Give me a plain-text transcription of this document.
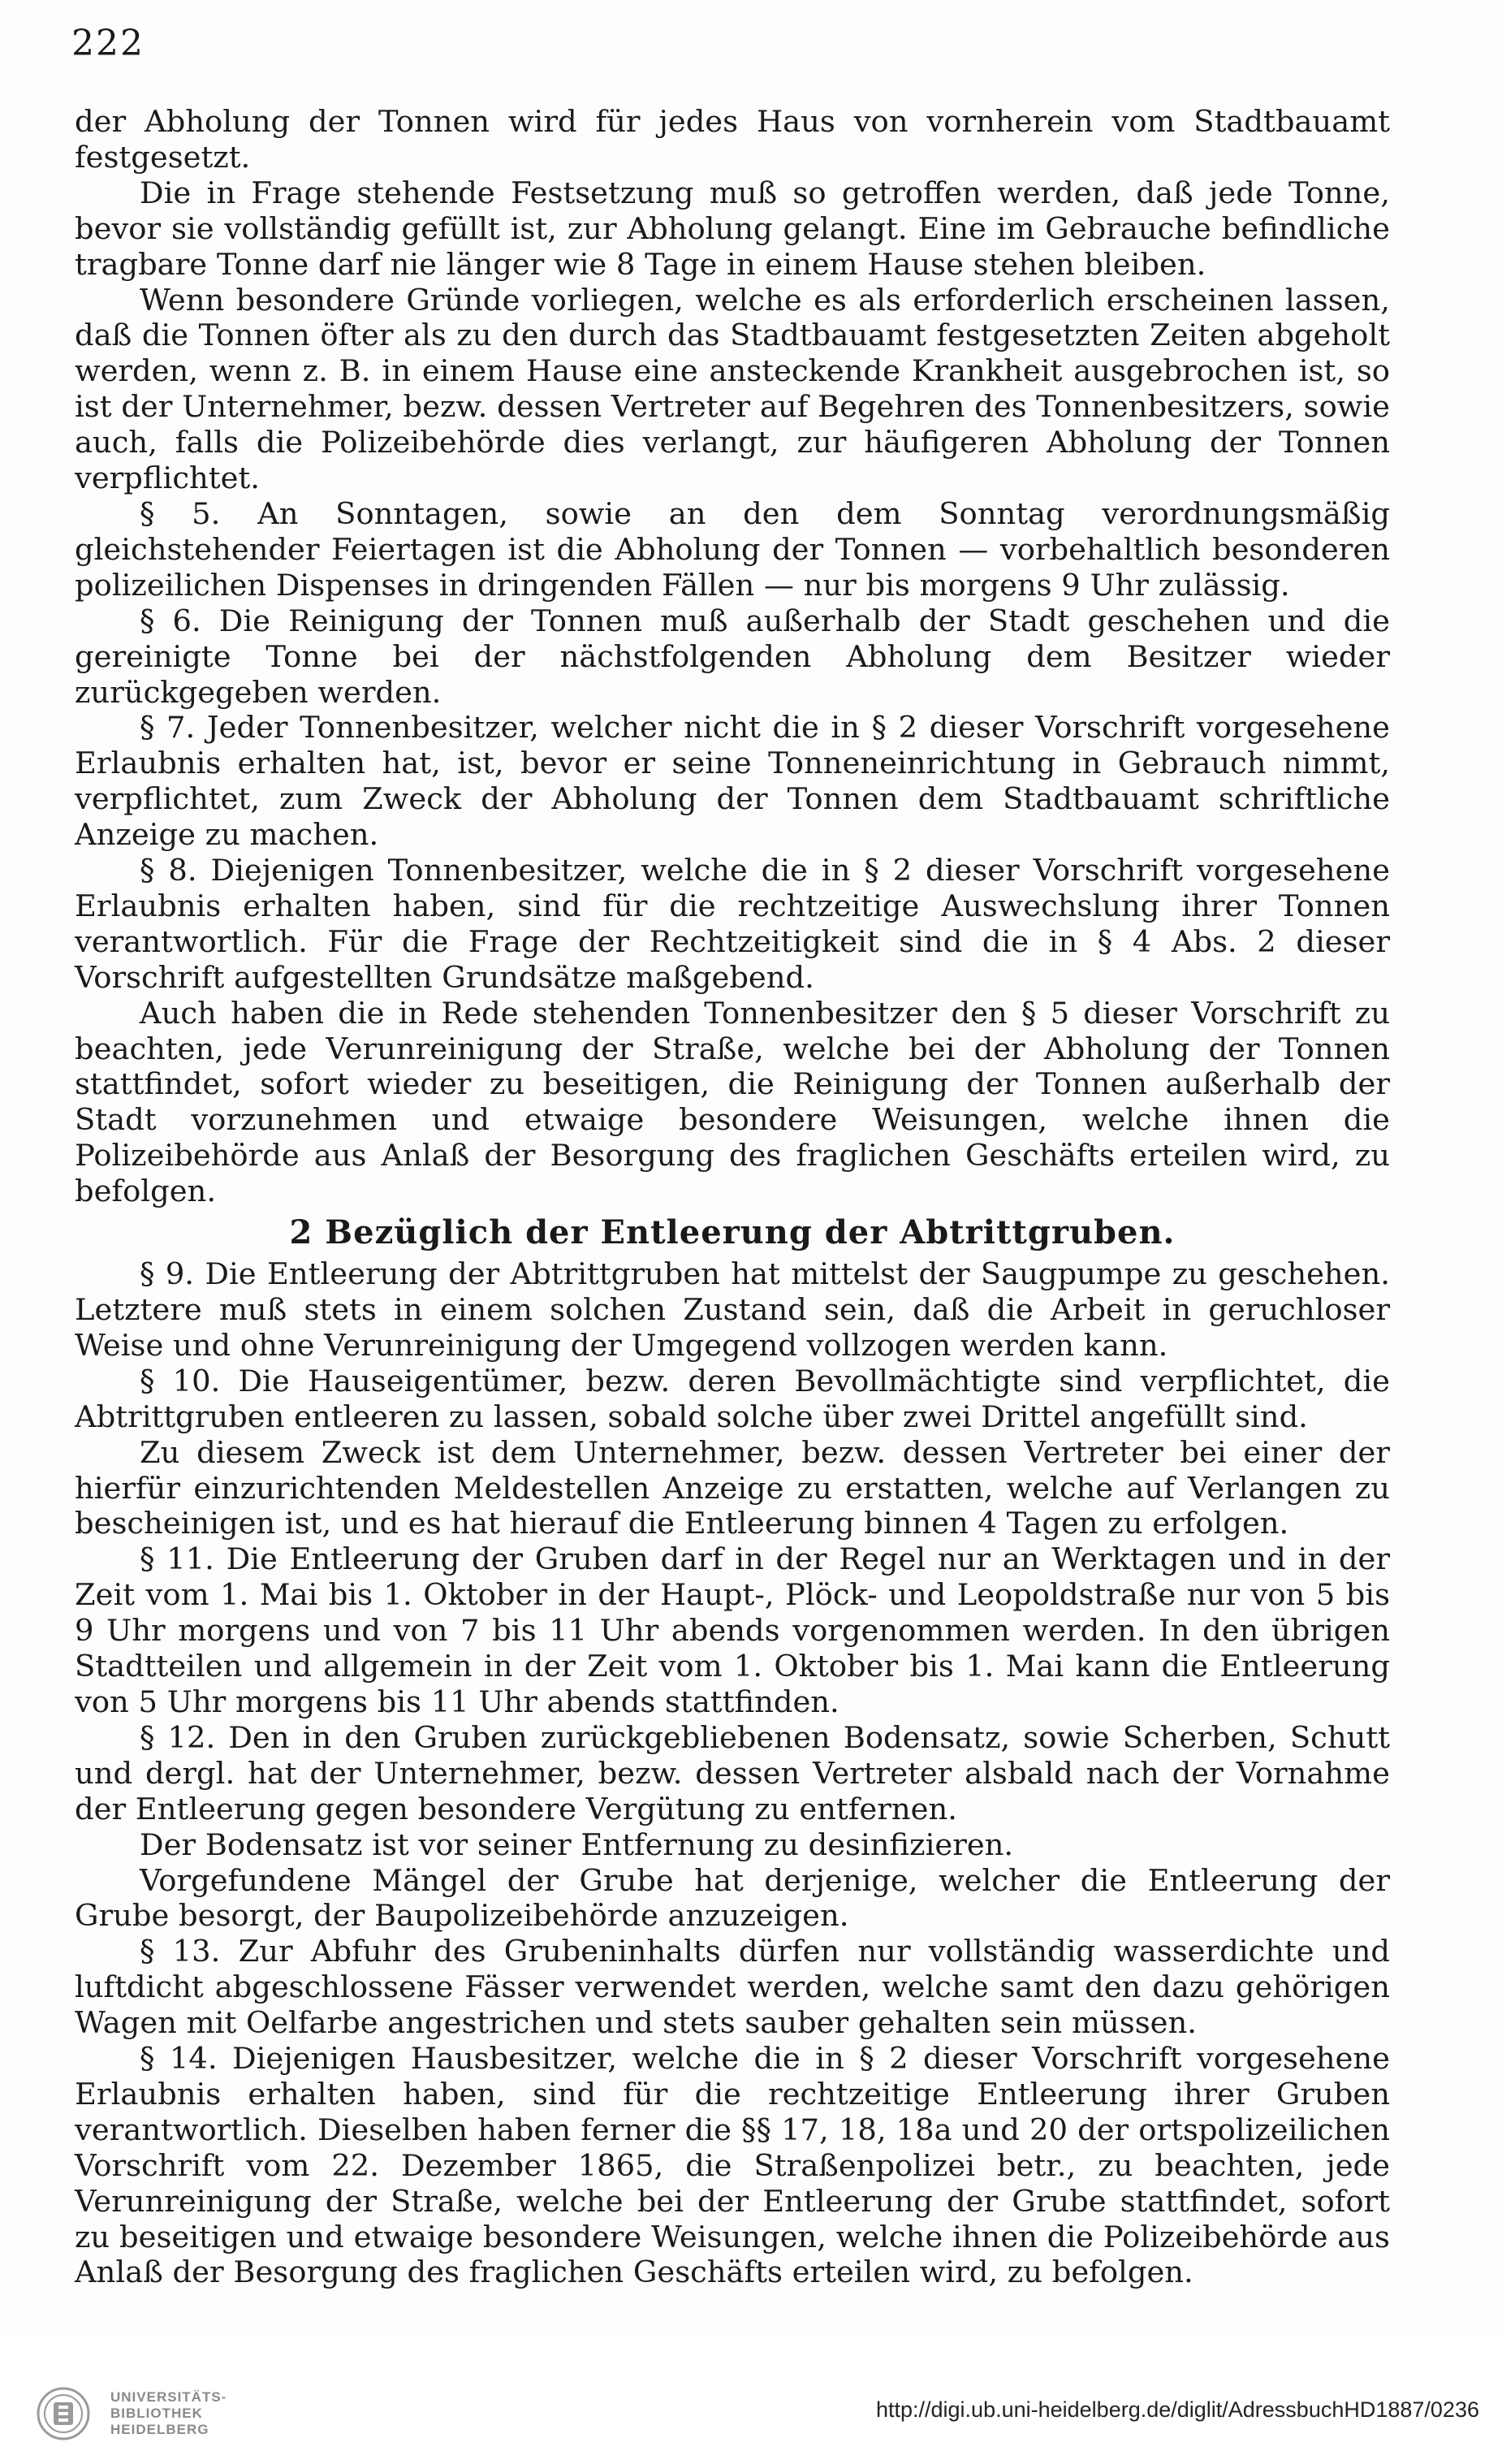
222

der Abholung der Tonnen wird für jedes Haus von vornherein vom Stadtbauamt festgesetzt.

Die in Frage stehende Festsetzung muß so getroffen werden, daß jede Tonne, bevor sie vollständig gefüllt ist, zur Abholung gelangt. Eine im Gebrauche befindliche tragbare Tonne darf nie länger wie 8 Tage in einem Hause stehen bleiben.

Wenn besondere Gründe vorliegen, welche es als erforderlich erscheinen lassen, daß die Tonnen öfter als zu den durch das Stadtbauamt festgesetzten Zeiten abgeholt werden, wenn z. B. in einem Hause eine ansteckende Krankheit ausgebrochen ist, so ist der Unternehmer, bezw. dessen Vertreter auf Begehren des Tonnenbesitzers, sowie auch, falls die Polizeibehörde dies verlangt, zur häufigeren Abholung der Tonnen verpflichtet.

§ 5. An Sonntagen, sowie an den dem Sonntag verordnungsmäßig gleichstehender Feiertagen ist die Abholung der Tonnen — vorbehaltlich besonderen polizeilichen Dispenses in dringenden Fällen — nur bis morgens 9 Uhr zulässig.

§ 6. Die Reinigung der Tonnen muß außerhalb der Stadt geschehen und die gereinigte Tonne bei der nächstfolgenden Abholung dem Besitzer wieder zurückgegeben werden.

§ 7. Jeder Tonnenbesitzer, welcher nicht die in § 2 dieser Vorschrift vorgesehene Erlaubnis erhalten hat, ist, bevor er seine Tonneneinrichtung in Gebrauch nimmt, verpflichtet, zum Zweck der Abholung der Tonnen dem Stadtbauamt schriftliche Anzeige zu machen.

§ 8. Diejenigen Tonnenbesitzer, welche die in § 2 dieser Vorschrift vorgesehene Erlaubnis erhalten haben, sind für die rechtzeitige Auswechslung ihrer Tonnen verantwortlich. Für die Frage der Rechtzeitigkeit sind die in § 4 Abs. 2 dieser Vorschrift aufgestellten Grundsätze maßgebend.

Auch haben die in Rede stehenden Tonnenbesitzer den § 5 dieser Vorschrift zu beachten, jede Verunreinigung der Straße, welche bei der Abholung der Tonnen stattfindet, sofort wieder zu beseitigen, die Reinigung der Tonnen außerhalb der Stadt vorzunehmen und etwaige besondere Weisungen, welche ihnen die Polizeibehörde aus Anlaß der Besorgung des fraglichen Geschäfts erteilen wird, zu befolgen.

2 Bezüglich der Entleerung der Abtrittgruben.

§ 9. Die Entleerung der Abtrittgruben hat mittelst der Saugpumpe zu geschehen. Letztere muß stets in einem solchen Zustand sein, daß die Arbeit in geruchloser Weise und ohne Verunreinigung der Umgegend vollzogen werden kann.

§ 10. Die Hauseigentümer, bezw. deren Bevollmächtigte sind verpflichtet, die Abtrittgruben entleeren zu lassen, sobald solche über zwei Drittel angefüllt sind.

Zu diesem Zweck ist dem Unternehmer, bezw. dessen Vertreter bei einer der hierfür einzurichtenden Meldestellen Anzeige zu erstatten, welche auf Verlangen zu bescheinigen ist, und es hat hierauf die Entleerung binnen 4 Tagen zu erfolgen.

§ 11. Die Entleerung der Gruben darf in der Regel nur an Werktagen und in der Zeit vom 1. Mai bis 1. Oktober in der Haupt-, Plöck- und Leopoldstraße nur von 5 bis 9 Uhr morgens und von 7 bis 11 Uhr abends vorgenommen werden. In den übrigen Stadtteilen und allgemein in der Zeit vom 1. Oktober bis 1. Mai kann die Entleerung von 5 Uhr morgens bis 11 Uhr abends stattfinden.

§ 12. Den in den Gruben zurückgebliebenen Bodensatz, sowie Scherben, Schutt und dergl. hat der Unternehmer, bezw. dessen Vertreter alsbald nach der Vornahme der Entleerung gegen besondere Vergütung zu entfernen.

Der Bodensatz ist vor seiner Entfernung zu desinfizieren.

Vorgefundene Mängel der Grube hat derjenige, welcher die Entleerung der Grube besorgt, der Baupolizeibehörde anzuzeigen.

§ 13. Zur Abfuhr des Grubeninhalts dürfen nur vollständig wasserdichte und luftdicht abgeschlossene Fässer verwendet werden, welche samt den dazu gehörigen Wagen mit Oelfarbe angestrichen und stets sauber gehalten sein müssen.

§ 14. Diejenigen Hausbesitzer, welche die in § 2 dieser Vorschrift vorgesehene Erlaubnis erhalten haben, sind für die rechtzeitige Entleerung ihrer Gruben verantwortlich. Dieselben haben ferner die §§ 17, 18, 18a und 20 der ortspolizeilichen Vorschrift vom 22. Dezember 1865, die Straßenpolizei betr., zu beachten, jede Verunreinigung der Straße, welche bei der Entleerung der Grube stattfindet, sofort zu beseitigen und etwaige besondere Weisungen, welche ihnen die Polizeibehörde aus Anlaß der Besorgung des fraglichen Geschäfts erteilen wird, zu befolgen.

UNIVERSITÄTS-
BIBLIOTHEK
HEIDELBERG
http://digi.ub.uni-heidelberg.de/diglit/AdressbuchHD1887/0236
